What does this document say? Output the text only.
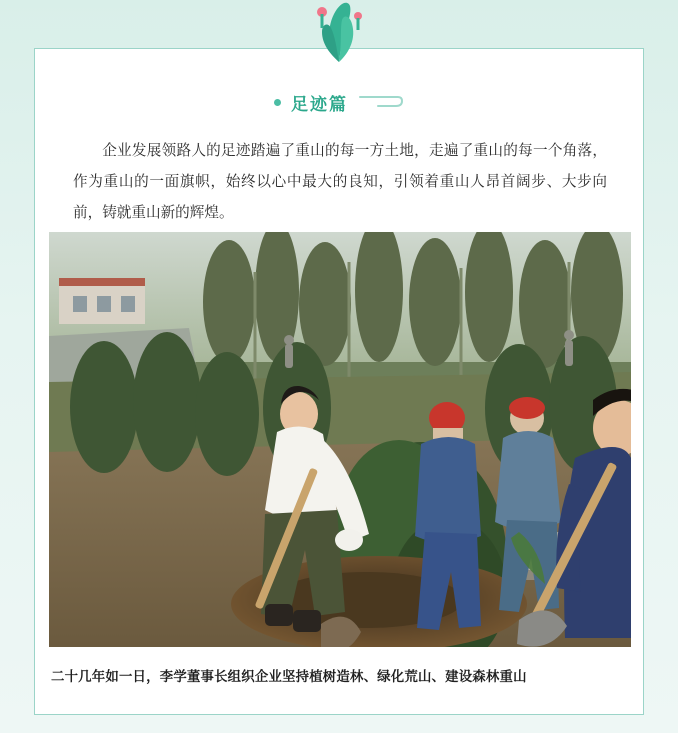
足迹篇
企业发展领路人的足迹踏遍了重山的每一方土地，走遍了重山的每一个角落，作为重山的一面旗帜，始终以心中最大的良知，引领着重山人昂首阔步、大步向前，铸就重山新的辉煌。
二十几年如一日，李学董事长组织企业坚持植树造林、绿化荒山、建设森林重山
